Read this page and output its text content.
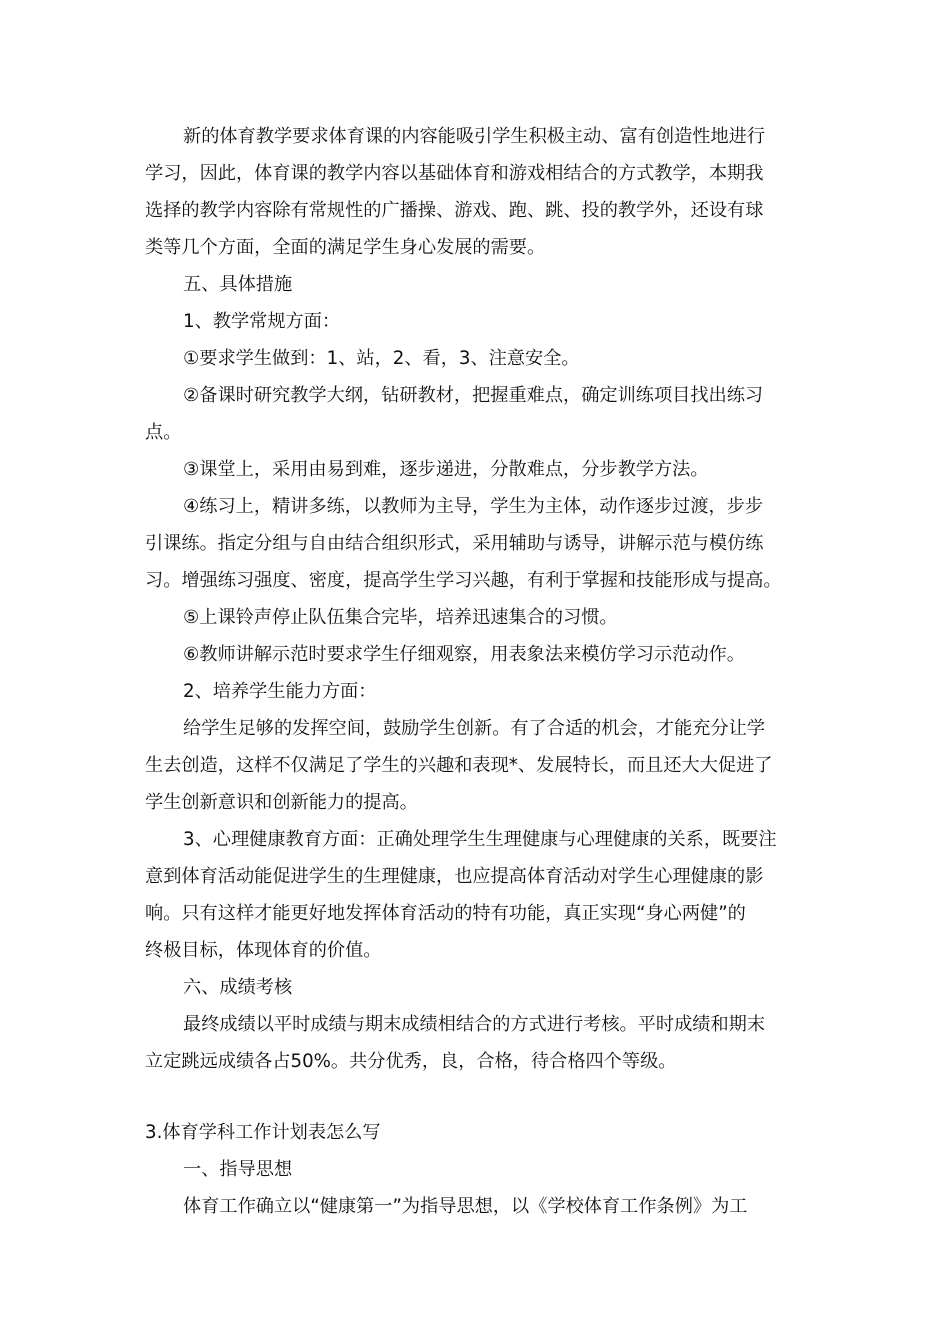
新的体育教学要求体育课的内容能吸引学生积极主动、富有创造性地进行

学习，因此，体育课的教学内容以基础体育和游戏相结合的方式教学，本期我

选择的教学内容除有常规性的广播操、游戏、跑、跳、投的教学外，还设有球

类等几个方面，全面的满足学生身心发展的需要。

五、具体措施

1、教学常规方面：

①要求学生做到：1、站，2、看，3、注意安全。

②备课时研究教学大纲，钻研教材，把握重难点，确定训练项目找出练习

点。

③课堂上，采用由易到难，逐步递进，分散难点，分步教学方法。

④练习上，精讲多练，以教师为主导，学生为主体，动作逐步过渡，步步

引课练。指定分组与自由结合组织形式，采用辅助与诱导，讲解示范与模仿练

习。增强练习强度、密度，提高学生学习兴趣，有利于掌握和技能形成与提高。

⑤上课铃声停止队伍集合完毕，培养迅速集合的习惯。

⑥教师讲解示范时要求学生仔细观察，用表象法来模仿学习示范动作。

2、培养学生能力方面：

给学生足够的发挥空间，鼓励学生创新。有了合适的机会，才能充分让学

生去创造，这样不仅满足了学生的兴趣和表现*、发展特长，而且还大大促进了

学生创新意识和创新能力的提高。

3、心理健康教育方面：正确处理学生生理健康与心理健康的关系，既要注

意到体育活动能促进学生的生理健康，也应提高体育活动对学生心理健康的影

响。只有这样才能更好地发挥体育活动的特有功能，真正实现“身心两健”的

终极目标，体现体育的价值。

六、成绩考核

最终成绩以平时成绩与期末成绩相结合的方式进行考核。平时成绩和期末

立定跳远成绩各占50%。共分优秀，良，合格，待合格四个等级。

3.体育学科工作计划表怎么写

一、指导思想

体育工作确立以“健康第一”为指导思想，以《学校体育工作条例》为工
